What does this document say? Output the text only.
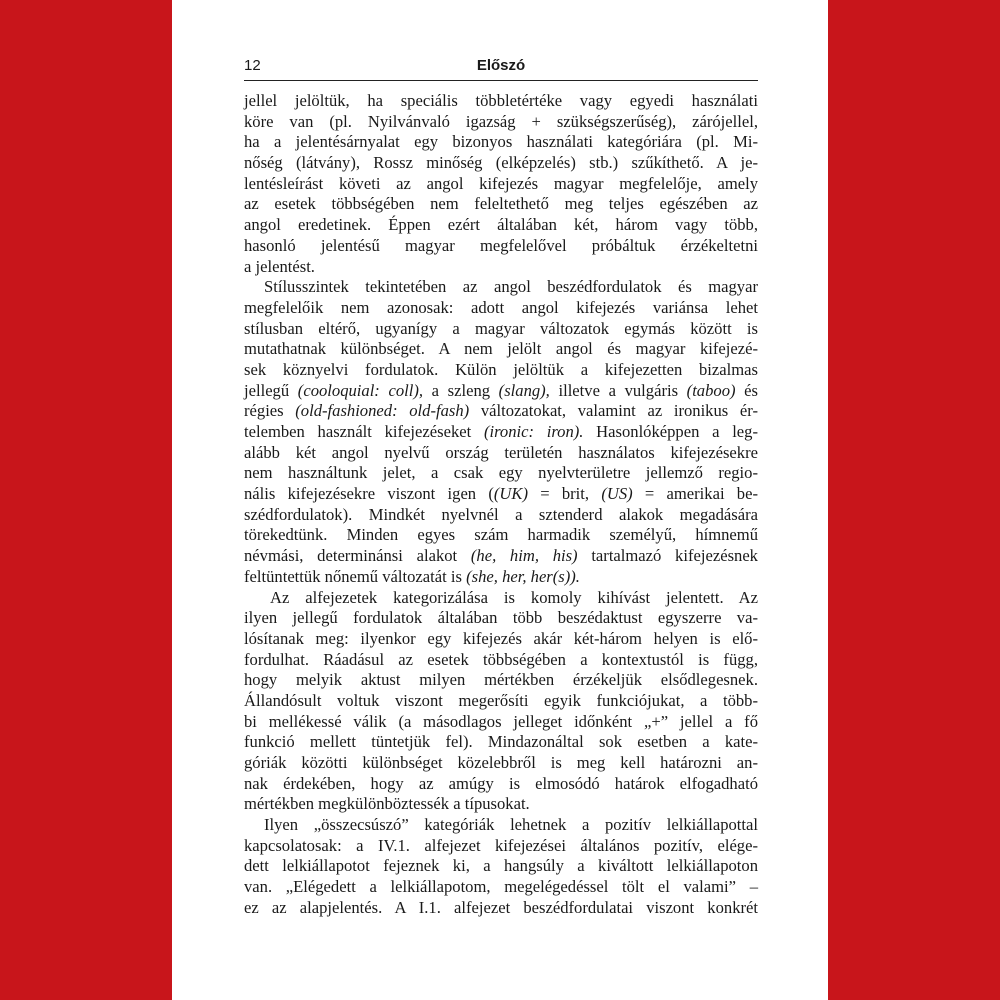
12	Előszó
jellel jelöltük, ha speciális többletértéke vagy egyedi használati
köre van (pl. Nyilvánvaló igazság + szükségszerűség), zárójellel,
ha a jelentésárnyalat egy bizonyos használati kategóriára (pl. Mi-
nőség (látvány), Rossz minőség (elképzelés) stb.) szűkíthető. A je-
lentésleírást követi az angol kifejezés magyar megfelelője, amely
az esetek többségében nem feleltethető meg teljes egészében az
angol eredetinek. Éppen ezért általában két, három vagy több,
hasonló jelentésű magyar megfelelővel próbáltuk érzékeltetni
a jelentést.
Stílusszintek tekintetében az angol beszédfordulatok és magyar
megfelelőik nem azonosak: adott angol kifejezés variánsa lehet
stílusban eltérő, ugyanígy a magyar változatok egymás között is
mutathatnak különbséget. A nem jelölt angol és magyar kifejezé-
sek köznyelvi fordulatok. Külön jelöltük a kifejezetten bizalmas
jellegű (cooloquial: coll), a szleng (slang), illetve a vulgáris (taboo) és
régies (old-fashioned: old-fash) változatokat, valamint az ironikus ér-
telemben használt kifejezéseket (ironic: iron). Hasonlóképpen a leg-
alább két angol nyelvű ország területén használatos kifejezésekre
nem használtunk jelet, a csak egy nyelvterületre jellemző regio-
nális kifejezésekre viszont igen ((UK) = brit, (US) = amerikai be-
szédfordulatok). Mindkét nyelvnél a sztenderd alakok megadására
törekedtünk. Minden egyes szám harmadik személyű, hímnemű
névmási, determinánsi alakot (he, him, his) tartalmazó kifejezésnek
feltüntettük nőnemű változatát is (she, her, her(s)).
Az alfejezetek kategorizálása is komoly kihívást jelentett. Az
ilyen jellegű fordulatok általában több beszédaktust egyszerre va-
lósítanak meg: ilyenkor egy kifejezés akár két-három helyen is elő-
fordulhat. Ráadásul az esetek többségében a kontextustól is függ,
hogy melyik aktust milyen mértékben érzékeljük elsődlegesnek.
Állandósult voltuk viszont megerősíti egyik funkciójukat, a több-
bi mellékessé válik (a másodlagos jelleget időnként „+” jellel a fő
funkció mellett tüntetjük fel). Mindazonáltal sok esetben a kate-
góriák közötti különbséget közelebbről is meg kell határozni an-
nak érdekében, hogy az amúgy is elmosódó határok elfogadható
mértékben megkülönböztessék a típusokat.
Ilyen „összecsúszó” kategóriák lehetnek a pozitív lelkiállapottal
kapcsolatosak: a IV.1. alfejezet kifejezései általános pozitív, elége-
dett lelkiállapotot fejeznek ki, a hangsúly a kiváltott lelkiállapoton
van. „Elégedett a lelkiállapotom, megelégedéssel tölt el valami” –
ez az alapjelentés. A I.1. alfejezet beszédfordulatai viszont konkrét
